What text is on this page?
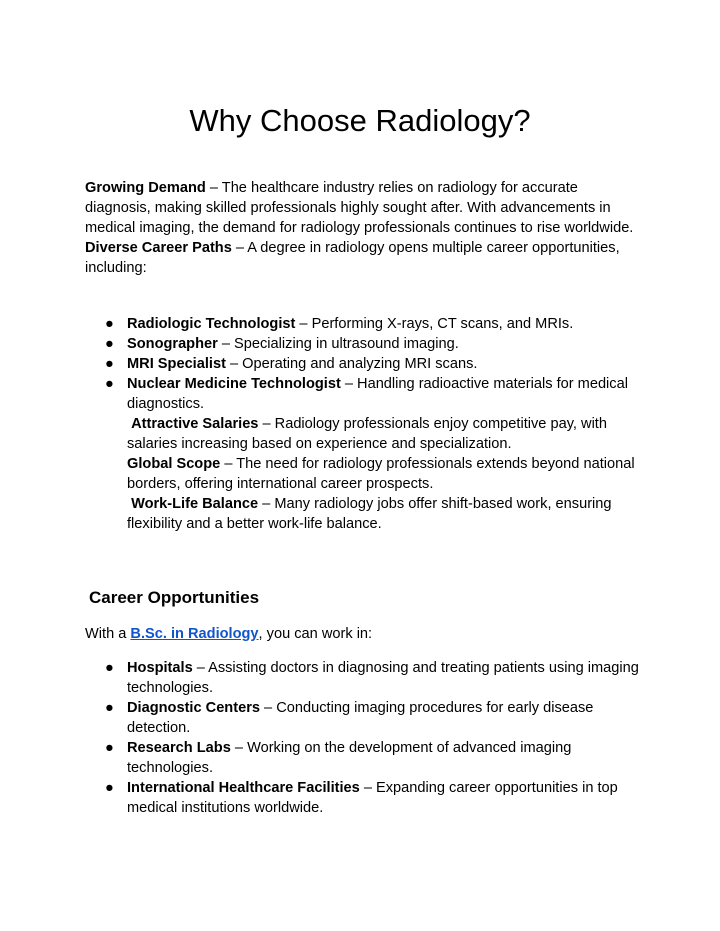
Why Choose Radiology?

Growing Demand – The healthcare industry relies on radiology for accurate diagnosis, making skilled professionals highly sought after. With advancements in medical imaging, the demand for radiology professionals continues to rise worldwide.
Diverse Career Paths – A degree in radiology opens multiple career opportunities, including:

● Radiologic Technologist – Performing X-rays, CT scans, and MRIs.
● Sonographer – Specializing in ultrasound imaging.
● MRI Specialist – Operating and analyzing MRI scans.
● Nuclear Medicine Technologist – Handling radioactive materials for medical diagnostics.
Attractive Salaries – Radiology professionals enjoy competitive pay, with salaries increasing based on experience and specialization.
Global Scope – The need for radiology professionals extends beyond national borders, offering international career prospects.
Work-Life Balance – Many radiology jobs offer shift-based work, ensuring flexibility and a better work-life balance.
Career Opportunities

With a B.Sc. in Radiology, you can work in:

● Hospitals – Assisting doctors in diagnosing and treating patients using imaging technologies.
● Diagnostic Centers – Conducting imaging procedures for early disease detection.
● Research Labs – Working on the development of advanced imaging technologies.
● International Healthcare Facilities – Expanding career opportunities in top medical institutions worldwide.
